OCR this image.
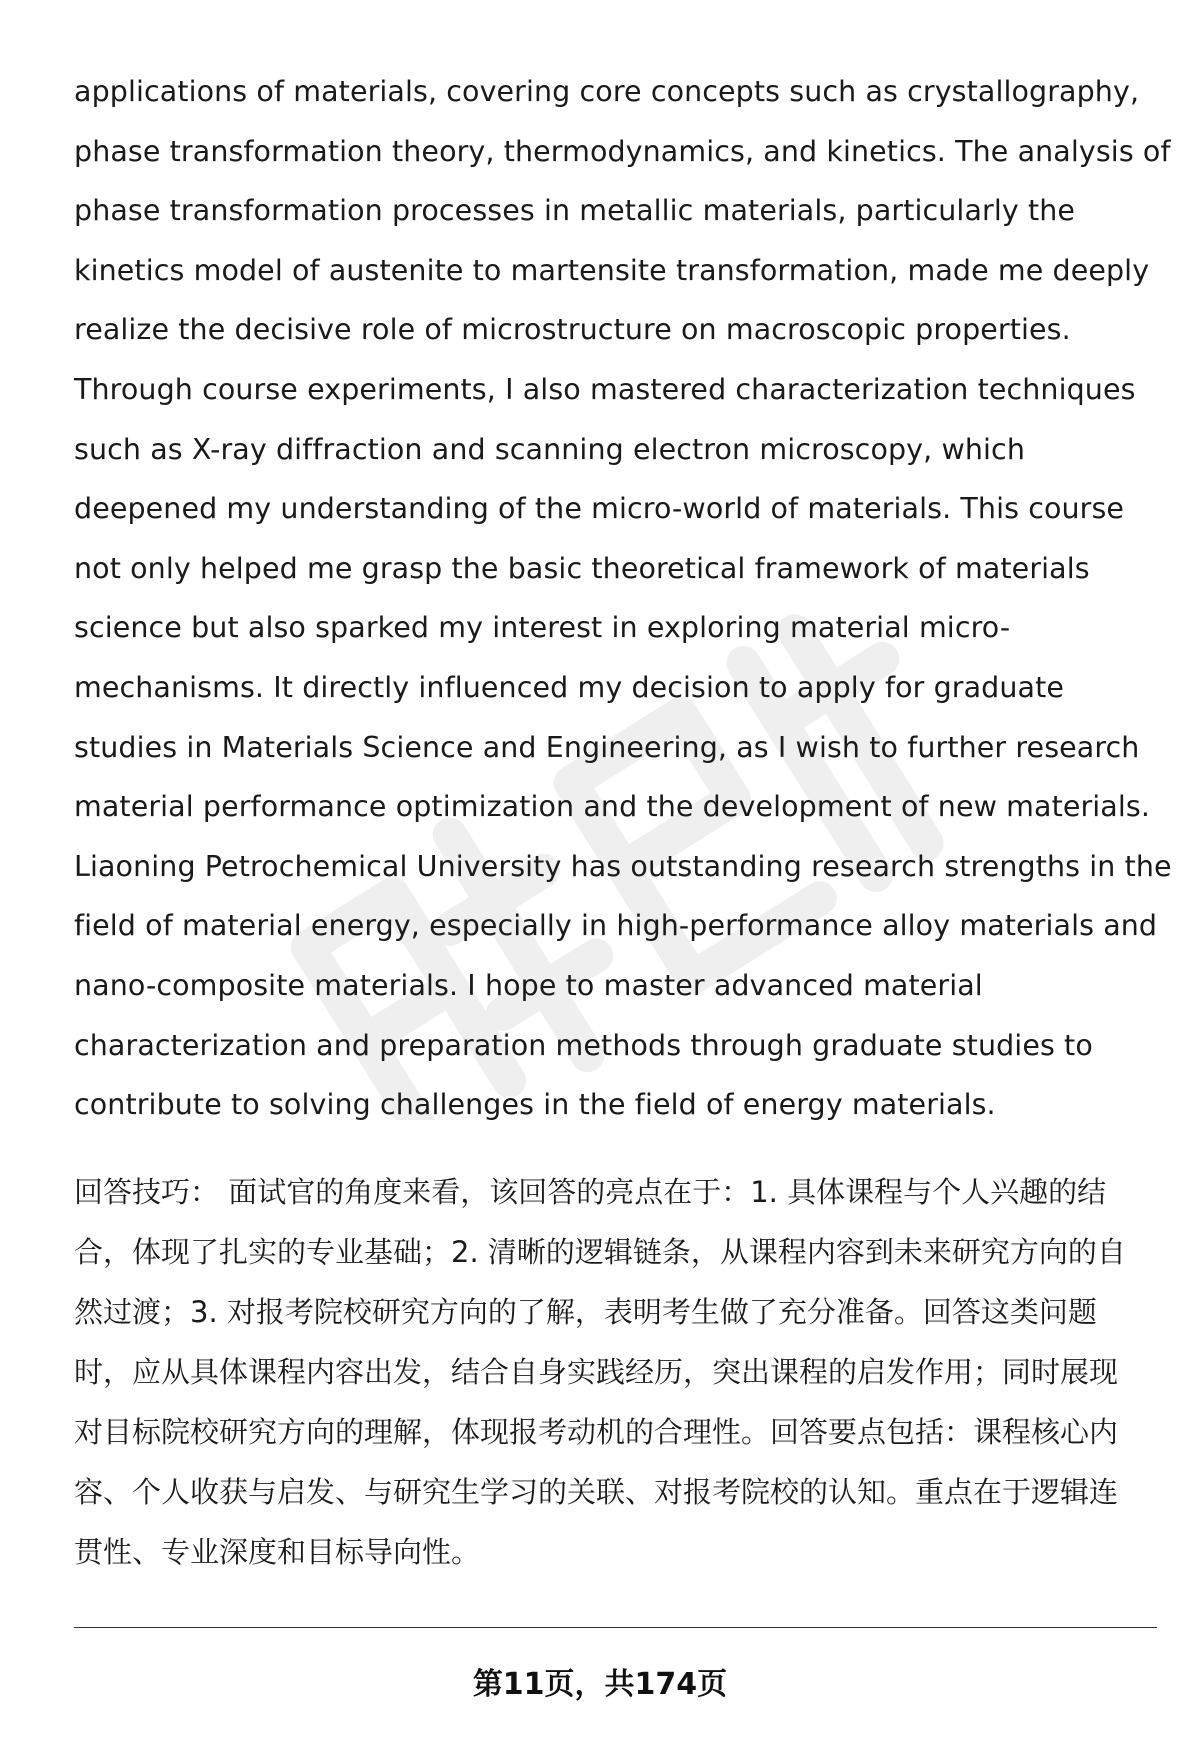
applications of materials, covering core concepts such as crystallography,
phase transformation theory, thermodynamics, and kinetics. The analysis of
phase transformation processes in metallic materials, particularly the
kinetics model of austenite to martensite transformation, made me deeply
realize the decisive role of microstructure on macroscopic properties.
Through course experiments, I also mastered characterization techniques
such as X-ray diffraction and scanning electron microscopy, which
deepened my understanding of the micro-world of materials. This course
not only helped me grasp the basic theoretical framework of materials
science but also sparked my interest in exploring material micro-
mechanisms. It directly influenced my decision to apply for graduate
studies in Materials Science and Engineering, as I wish to further research
material performance optimization and the development of new materials.
Liaoning Petrochemical University has outstanding research strengths in the
field of material energy, especially in high-performance alloy materials and
nano-composite materials. I hope to master advanced material
characterization and preparation methods through graduate studies to
contribute to solving challenges in the field of energy materials.
回答技巧： 面试官的角度来看，该回答的亮点在于：1. 具体课程与个人兴趣的结
合，体现了扎实的专业基础；2. 清晰的逻辑链条，从课程内容到未来研究方向的自
然过渡；3. 对报考院校研究方向的了解，表明考生做了充分准备。回答这类问题
时，应从具体课程内容出发，结合自身实践经历，突出课程的启发作用；同时展现
对目标院校研究方向的理解，体现报考动机的合理性。回答要点包括：课程核心内
容、个人收获与启发、与研究生学习的关联、对报考院校的认知。重点在于逻辑连
贯性、专业深度和目标导向性。
第11页，共174页
